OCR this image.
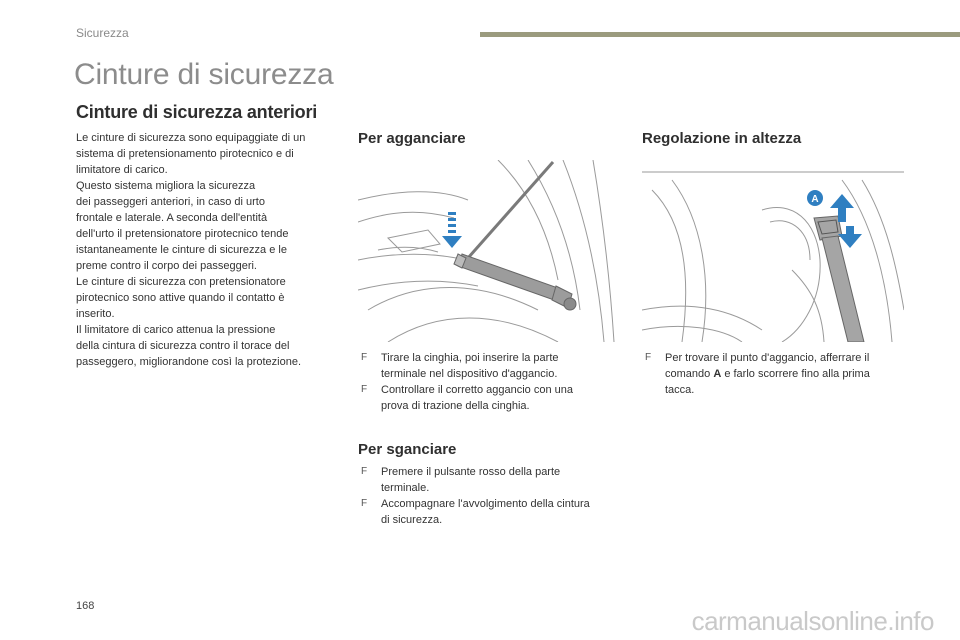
Sicurezza
Cinture di sicurezza
Cinture di sicurezza anteriori

Le cinture di sicurezza sono equipaggiate di un

sistema di pretensionamento pirotecnico e di

limitatore di carico.

Questo sistema migliora la sicurezza

dei passeggeri anteriori, in caso di urto

frontale e laterale. A seconda dell'entità

dell'urto il pretensionatore pirotecnico tende

istantaneamente le cinture di sicurezza e le

preme contro il corpo dei passeggeri.

Le cinture di sicurezza con pretensionatore

pirotecnico sono attive quando il contatto è

inserito.

Il limitatore di carico attenua la pressione

della cintura di sicurezza contro il torace del

passeggero, migliorandone così la protezione.

Per agganciare
F Tirare la cinghia, poi inserire la parte
terminale nel dispositivo d'aggancio.
F Controllare il corretto aggancio con una
prova di trazione della cinghia.
Per sganciare
F Premere il pulsante rosso della parte
terminale.
F Accompagnare l'avvolgimento della cintura
di sicurezza.
Regolazione in altezza
A
F Per trovare il punto d'aggancio, afferrare il
comando A e farlo scorrere fino alla prima
tacca.
168	carmanualsonline.info
